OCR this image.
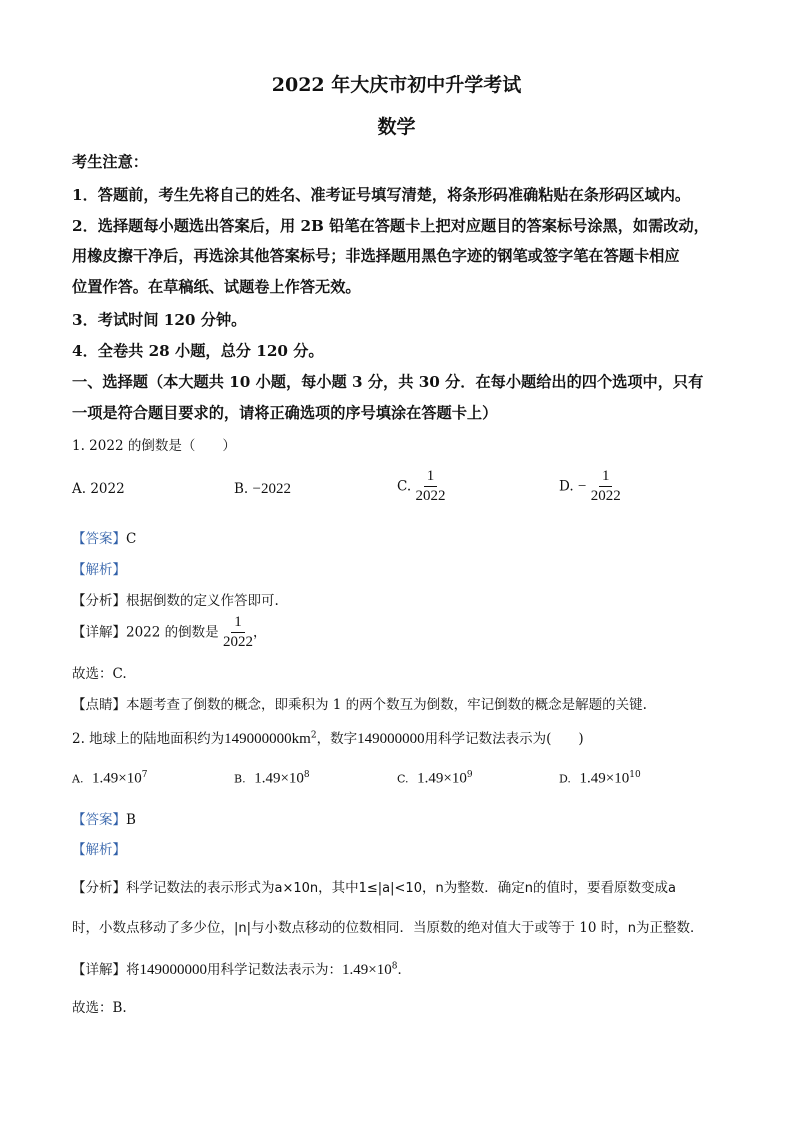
2022 年大庆市初中升学考试
数学
考生注意：
1．答题前，考生先将自己的姓名、准考证号填写清楚，将条形码准确粘贴在条形码区域内。
2．选择题每小题选出答案后，用 2B 铅笔在答题卡上把对应题目的答案标号涂黑，如需改动，
用橡皮擦干净后，再选涂其他答案标号；非选择题用黑色字迹的钢笔或签字笔在答题卡相应
位置作答。在草稿纸、试题卷上作答无效。
3．考试时间 120 分钟。
4．全卷共 28 小题，总分 120 分。
一、选择题（本大题共 10 小题，每小题 3 分，共 30 分．在每小题给出的四个选项中，只有
一项是符合题目要求的，请将正确选项的序号填涂在答题卡上）
1. 2022 的倒数是（　　）
A. 2022	B. −2022	C. $\frac{1}{2022}$	D. − $\frac{1}{2022}$
【答案】C
【解析】
【分析】根据倒数的定义作答即可.
【详解】2022 的倒数是 $\frac{1}{2022}$ ，
故选：C.
【点睛】本题考查了倒数的概念，即乘积为 1 的两个数互为倒数，牢记倒数的概念是解题的关键.
2. 地球上的陆地面积约为$149000000km^2$，数字149000000用科学记数法表示为(　　)
A. $1.49\times 10^7$	B. $1.49\times 10^8$	C. $1.49\times 10^9$	D. $1.49\times 10^{10}$
【答案】B
【解析】
【分析】科学记数法的表示形式为a×10n，其中1≤|a|<10，n为整数．确定n的值时，要看原数变成a
时，小数点移动了多少位，|n|与小数点移动的位数相同．当原数的绝对值大于或等于 10 时，n为正整数．
【详解】将149000000用科学记数法表示为：$1.49\times 10^8$．
故选：B.
